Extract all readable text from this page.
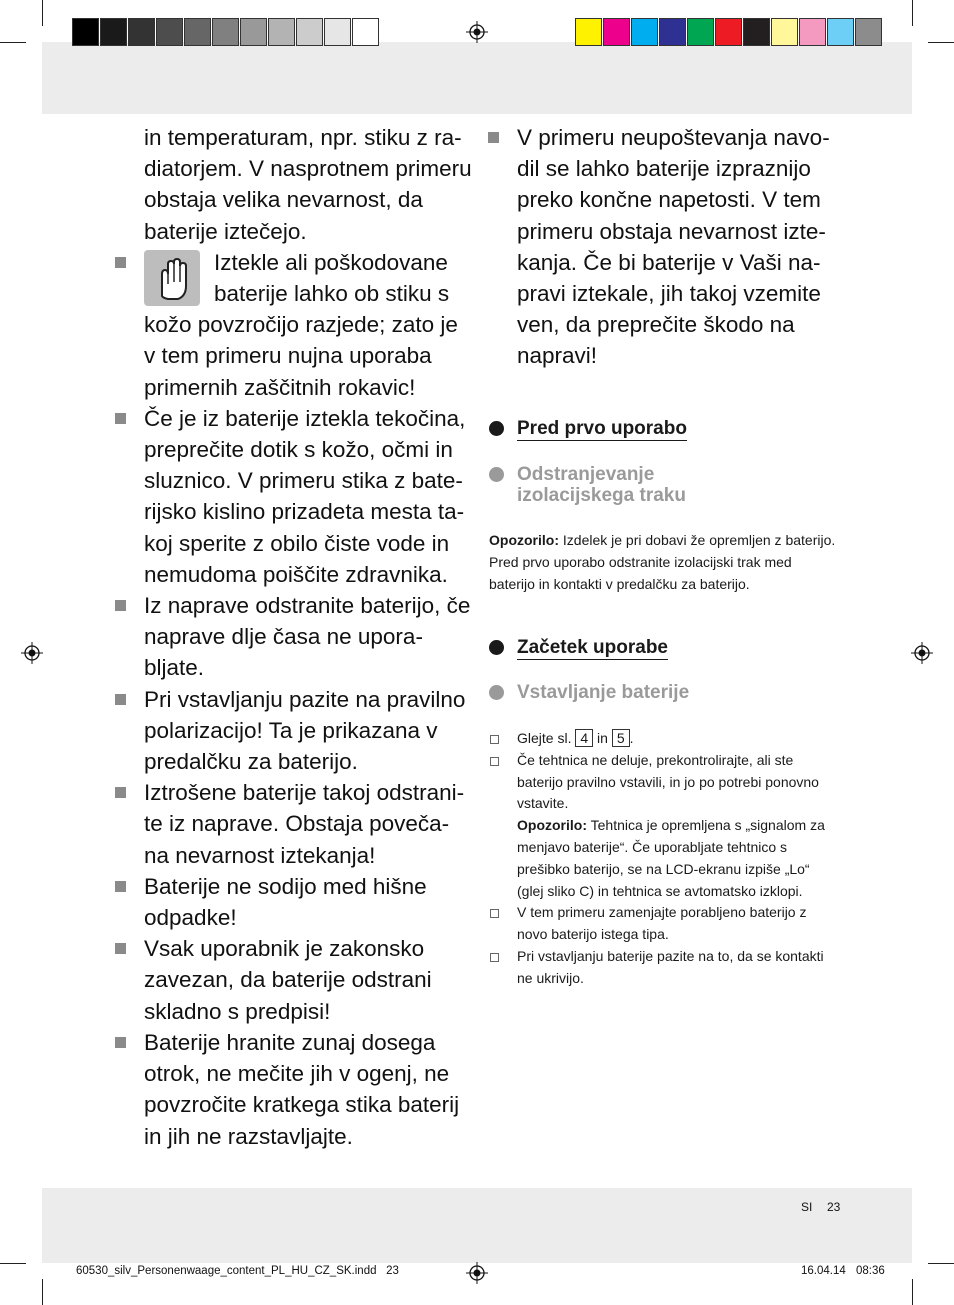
in temperaturam, npr. stiku z ra-diatorjem. V nasprotnem primeru obstaja velika nevarnost, da baterije iztečejo.

Iztekle ali poškodovane baterije lahko ob stiku s kožo povzročijo razjede; zato je v tem primeru nujna uporaba primernih zaščitnih rokavic!
Če je iz baterije iztekla tekočina, preprečite dotik s kožo, očmi in sluznico. V primeru stika z bate-rijsko kislino prizadeta mesta ta-koj sperite z obilo čiste vode in nemudoma poiščite zdravnika.
Iz naprave odstranite baterijo, če naprave dlje časa ne upora-bljate.
Pri vstavljanju pazite na pravilno polarizacijo! Ta je prikazana v predalčku za baterijo.
Iztrošene baterije takoj odstrani-te iz naprave. Obstaja poveča-na nevarnost iztekanja!
Baterije ne sodijo med hišne odpadke!
Vsak uporabnik je zakonsko zavezan, da baterije odstrani skladno s predpisi!
Baterije hranite zunaj dosega otrok, ne mečite jih v ogenj, ne povzročite kratkega stika baterij in jih ne razstavljajte.
V primeru neupoštevanja navo-dil se lahko baterije izpraznijo preko končne napetosti. V tem primeru obstaja nevarnost izte-kanja. Če bi baterije v Vaši na-pravi iztekale, jih takoj vzemite ven, da preprečite škodo na napravi!
Pred prvo uporabo
Odstranjevanje
izolacijskega traku

Opozorilo: Izdelek je pri dobavi že opremljen z baterijo. Pred prvo uporabo odstranite izolacijski trak med baterijo in kontakti v predalčku za baterijo.

Začetek uporabe
Vstavljanje baterije
Glejte sl. 4 in 5 .
Če tehtnica ne deluje, prekontrolirajte, ali ste baterijo pravilno vstavili, in jo po potrebi ponovno vstavite.
Opozorilo: Tehtnica je opremljena s „signalom za menjavo baterije“. Če uporabljate tehtnico s prešibko baterijo, se na LCD-ekranu izpiše „Lo“ (glej sliko C) in tehtnica se avtomatsko izklopi.
V tem primeru zamenjajte porabljeno baterijo z novo baterijo istega tipa.
Pri vstavljanju baterije pazite na to, da se kontakti ne ukrivijo.
SI 23
60530_silv_Personenwaage_content_PL_HU_CZ_SK.indd   23	16.04.14 08:36
